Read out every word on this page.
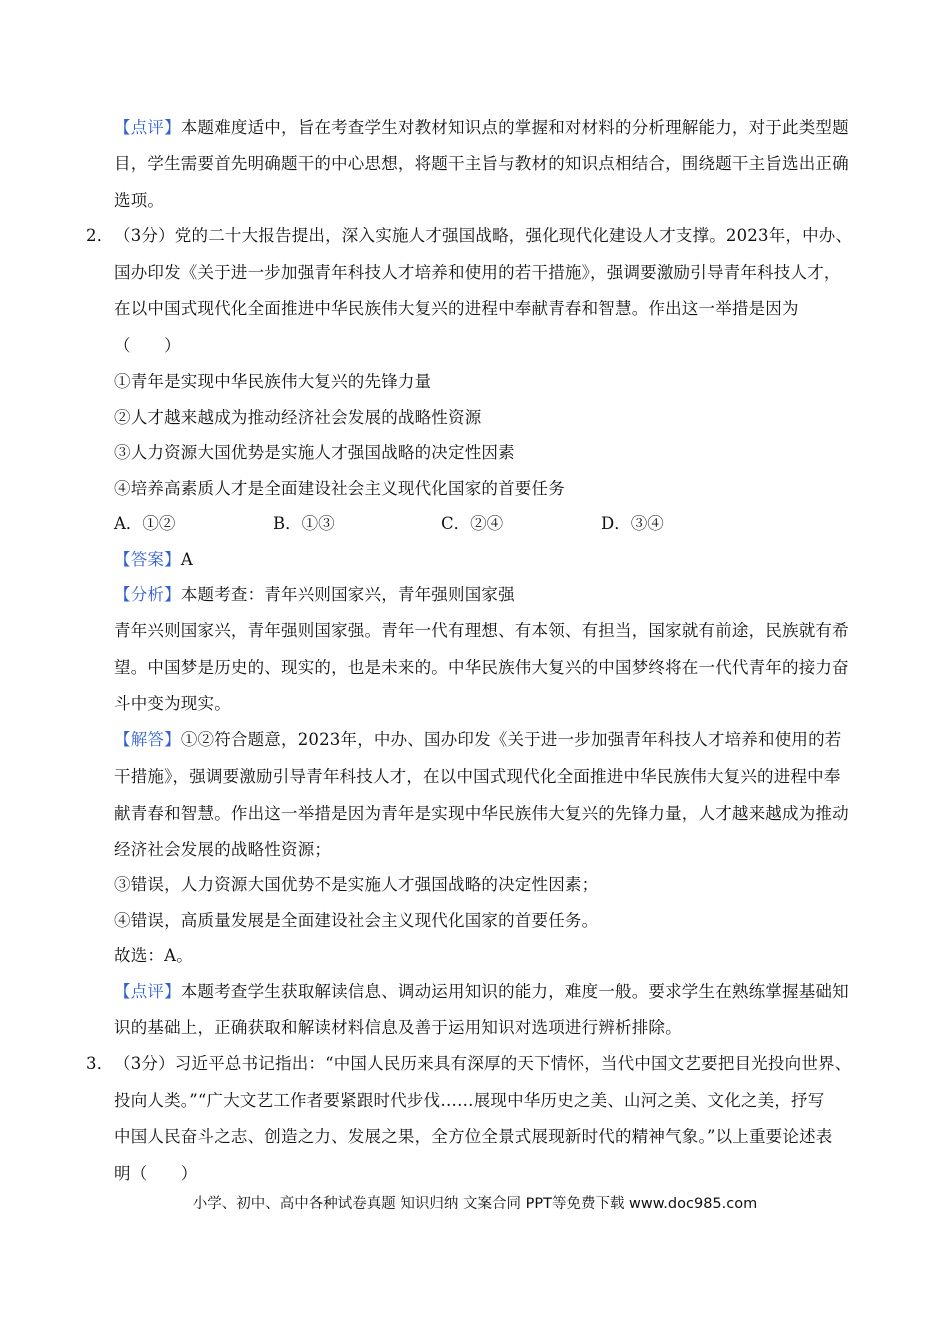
【点评】本题难度适中，旨在考查学生对教材知识点的掌握和对材料的分析理解能力，对于此类型题
目，学生需要首先明确题干的中心思想，将题干主旨与教材的知识点相结合，围绕题干主旨选出正确
选项。
2． （3分）党的二十大报告提出，深入实施人才强国战略，强化现代化建设人才支撑。2023年，中办、
国办印发《关于进一步加强青年科技人才培养和使用的若干措施》，强调要激励引导青年科技人才，
在以中国式现代化全面推进中华民族伟大复兴的进程中奉献青春和智慧。作出这一举措是因为
（　　）
①青年是实现中华民族伟大复兴的先锋力量
②人才越来越成为推动经济社会发展的战略性资源
③人力资源大国优势是实施人才强国战略的决定性因素
④培养高素质人才是全面建设社会主义现代化国家的首要任务
A．①②	B．①③	C．②④	D．③④
【答案】A
【分析】本题考查：青年兴则国家兴，青年强则国家强
青年兴则国家兴，青年强则国家强。青年一代有理想、有本领、有担当，国家就有前途，民族就有希
望。中国梦是历史的、现实的，也是未来的。中华民族伟大复兴的中国梦终将在一代代青年的接力奋
斗中变为现实。
【解答】①②符合题意，2023年，中办、国办印发《关于进一步加强青年科技人才培养和使用的若
干措施》，强调要激励引导青年科技人才，在以中国式现代化全面推进中华民族伟大复兴的进程中奉
献青春和智慧。作出这一举措是因为青年是实现中华民族伟大复兴的先锋力量，人才越来越成为推动
经济社会发展的战略性资源；
③错误，人力资源大国优势不是实施人才强国战略的决定性因素；
④错误，高质量发展是全面建设社会主义现代化国家的首要任务。
故选：A。
【点评】本题考查学生获取解读信息、调动运用知识的能力，难度一般。要求学生在熟练掌握基础知
识的基础上，正确获取和解读材料信息及善于运用知识对选项进行辨析排除。
3． （3分）习近平总书记指出：“中国人民历来具有深厚的天下情怀，当代中国文艺要把目光投向世界、
投向人类。”“广大文艺工作者要紧跟时代步伐……展现中华历史之美、山河之美、文化之美，抒写
中国人民奋斗之志、创造之力、发展之果，全方位全景式展现新时代的精神气象。”以上重要论述表
明（　　）
小学、初中、高中各种试卷真题 知识归纳 文案合同 PPT等免费下载 www.doc985.com
